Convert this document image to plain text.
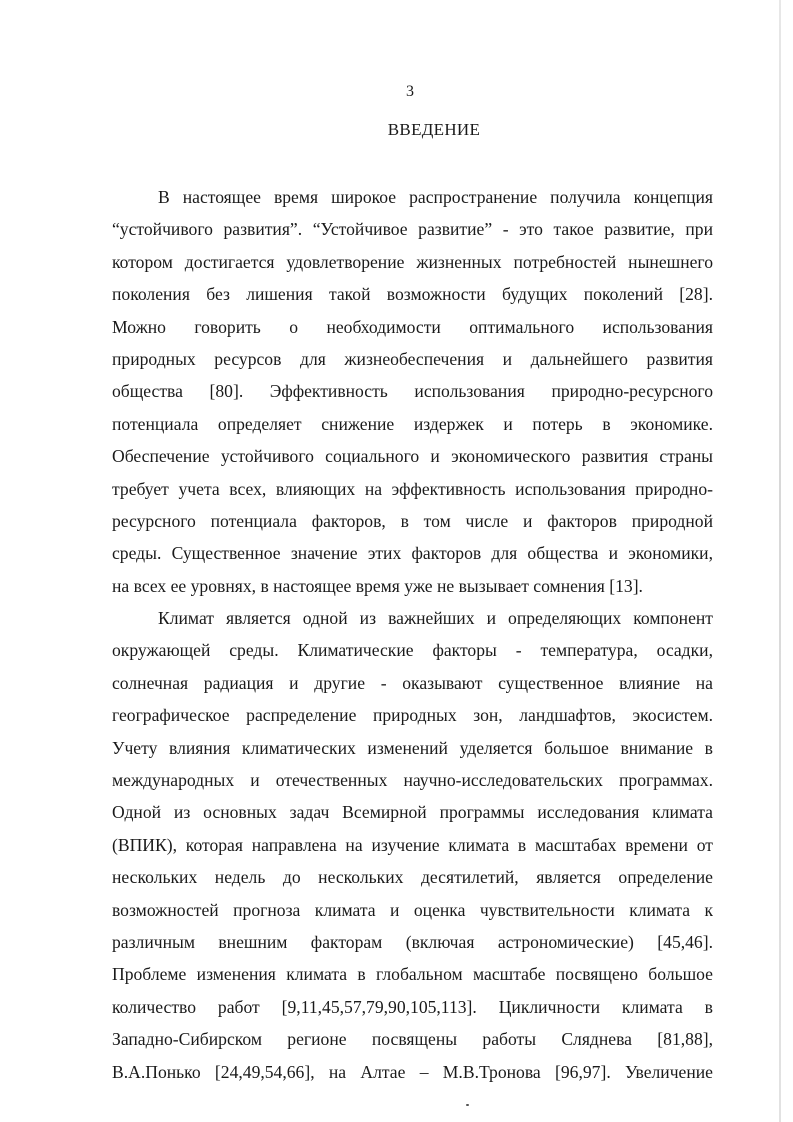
3
ВВЕДЕНИЕ
В настоящее время широкое распространение получила концепция
“устойчивого развития”. “Устойчивое развитие” - это такое развитие, при
котором достигается удовлетворение жизненных потребностей нынешнего
поколения без лишения такой возможности будущих поколений [28].
Можно говорить о необходимости оптимального использования
природных ресурсов для жизнеобеспечения и дальнейшего развития
общества [80]. Эффективность использования природно-ресурсного
потенциала определяет снижение издержек и потерь в экономике.
Обеспечение устойчивого социального и экономического развития страны
требует учета всех, влияющих на эффективность использования природно-
ресурсного потенциала факторов, в том числе и факторов природной
среды. Существенное значение этих факторов для общества и экономики,
на всех ее уровнях, в настоящее время уже не вызывает сомнения [13].
Климат является одной из важнейших и определяющих компонент
окружающей среды. Климатические факторы - температура, осадки,
солнечная радиация и другие - оказывают существенное влияние на
географическое распределение природных зон, ландшафтов, экосистем.
Учету влияния климатических изменений уделяется большое внимание в
международных и отечественных научно-исследовательских программах.
Одной из основных задач Всемирной программы исследования климата
(ВПИК), которая направлена на изучение климата в масштабах времени от
нескольких недель до нескольких десятилетий, является определение
возможностей прогноза климата и оценка чувствительности климата к
различным внешним факторам (включая астрономические) [45,46].
Проблеме изменения климата в глобальном масштабе посвящено большое
количество работ [9,11,45,57,79,90,105,113]. Цикличности климата в
Западно-Сибирском регионе посвящены работы Сляднева [81,88],
В.А.Понько [24,49,54,66], на Алтае – М.В.Тронова [96,97]. Увеличение
